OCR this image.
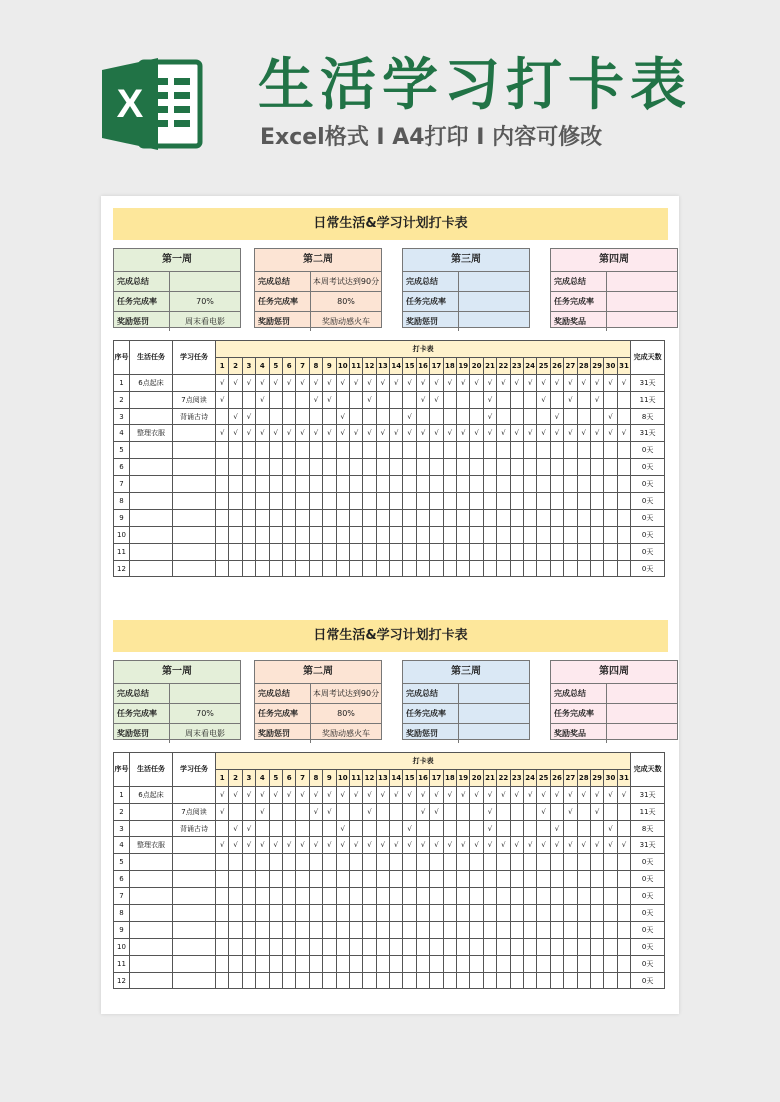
X 生活学习打卡表
Excel格式 I A4打印 I 内容可修改
日常生活&学习计划打卡表
第一周
完成总结
任务完成率	70%
奖励惩罚	周末看电影
第二周
完成总结	本周考试达到90分
任务完成率	80%
奖励惩罚	奖励动感火车
第三周
完成总结
任务完成率
奖励惩罚
第四周
完成总结
任务完成率
奖励奖品
序号	生活任务	学习任务	打卡表																															完成天数
			1	2	3	4	5	6	7	8	9	10	11	12	13	14	15	16	17	18	19	20	21	22	23	24	25	26	27	28	29	30	31	
1	6点起床		√	√	√	√	√	√	√	√	√	√	√	√	√	√	√	√	√	√	√	√	√	√	√	√	√	√	√	√	√	√	√	31天
2		7点阅读	√			√				√	√			√				√	√				√				√		√		√			11天
3		背诵古诗		√	√							√					√						√					√				√		8天
4	整理衣服		√	√	√	√	√	√	√	√	√	√	√	√	√	√	√	√	√	√	√	√	√	√	√	√	√	√	√	√	√	√	√	31天
5																																		0天
6																																		0天
7																																		0天
8																																		0天
9																																		0天
10																																		0天
11																																		0天
12																																		0天
日常生活&学习计划打卡表
第一周
完成总结
任务完成率	70%
奖励惩罚	周末看电影
第二周
完成总结	本周考试达到90分
任务完成率	80%
奖励惩罚	奖励动感火车
第三周
完成总结
任务完成率
奖励惩罚
第四周
完成总结
任务完成率
奖励奖品
序号	生活任务	学习任务	打卡表																															完成天数
			1	2	3	4	5	6	7	8	9	10	11	12	13	14	15	16	17	18	19	20	21	22	23	24	25	26	27	28	29	30	31	
1	6点起床		√	√	√	√	√	√	√	√	√	√	√	√	√	√	√	√	√	√	√	√	√	√	√	√	√	√	√	√	√	√	√	31天
2		7点阅读	√			√				√	√			√				√	√				√				√		√		√			11天
3		背诵古诗		√	√							√					√						√					√				√		8天
4	整理衣服		√	√	√	√	√	√	√	√	√	√	√	√	√	√	√	√	√	√	√	√	√	√	√	√	√	√	√	√	√	√	√	31天
5																																		0天
6																																		0天
7																																		0天
8																																		0天
9																																		0天
10																																		0天
11																																		0天
12																																		0天
